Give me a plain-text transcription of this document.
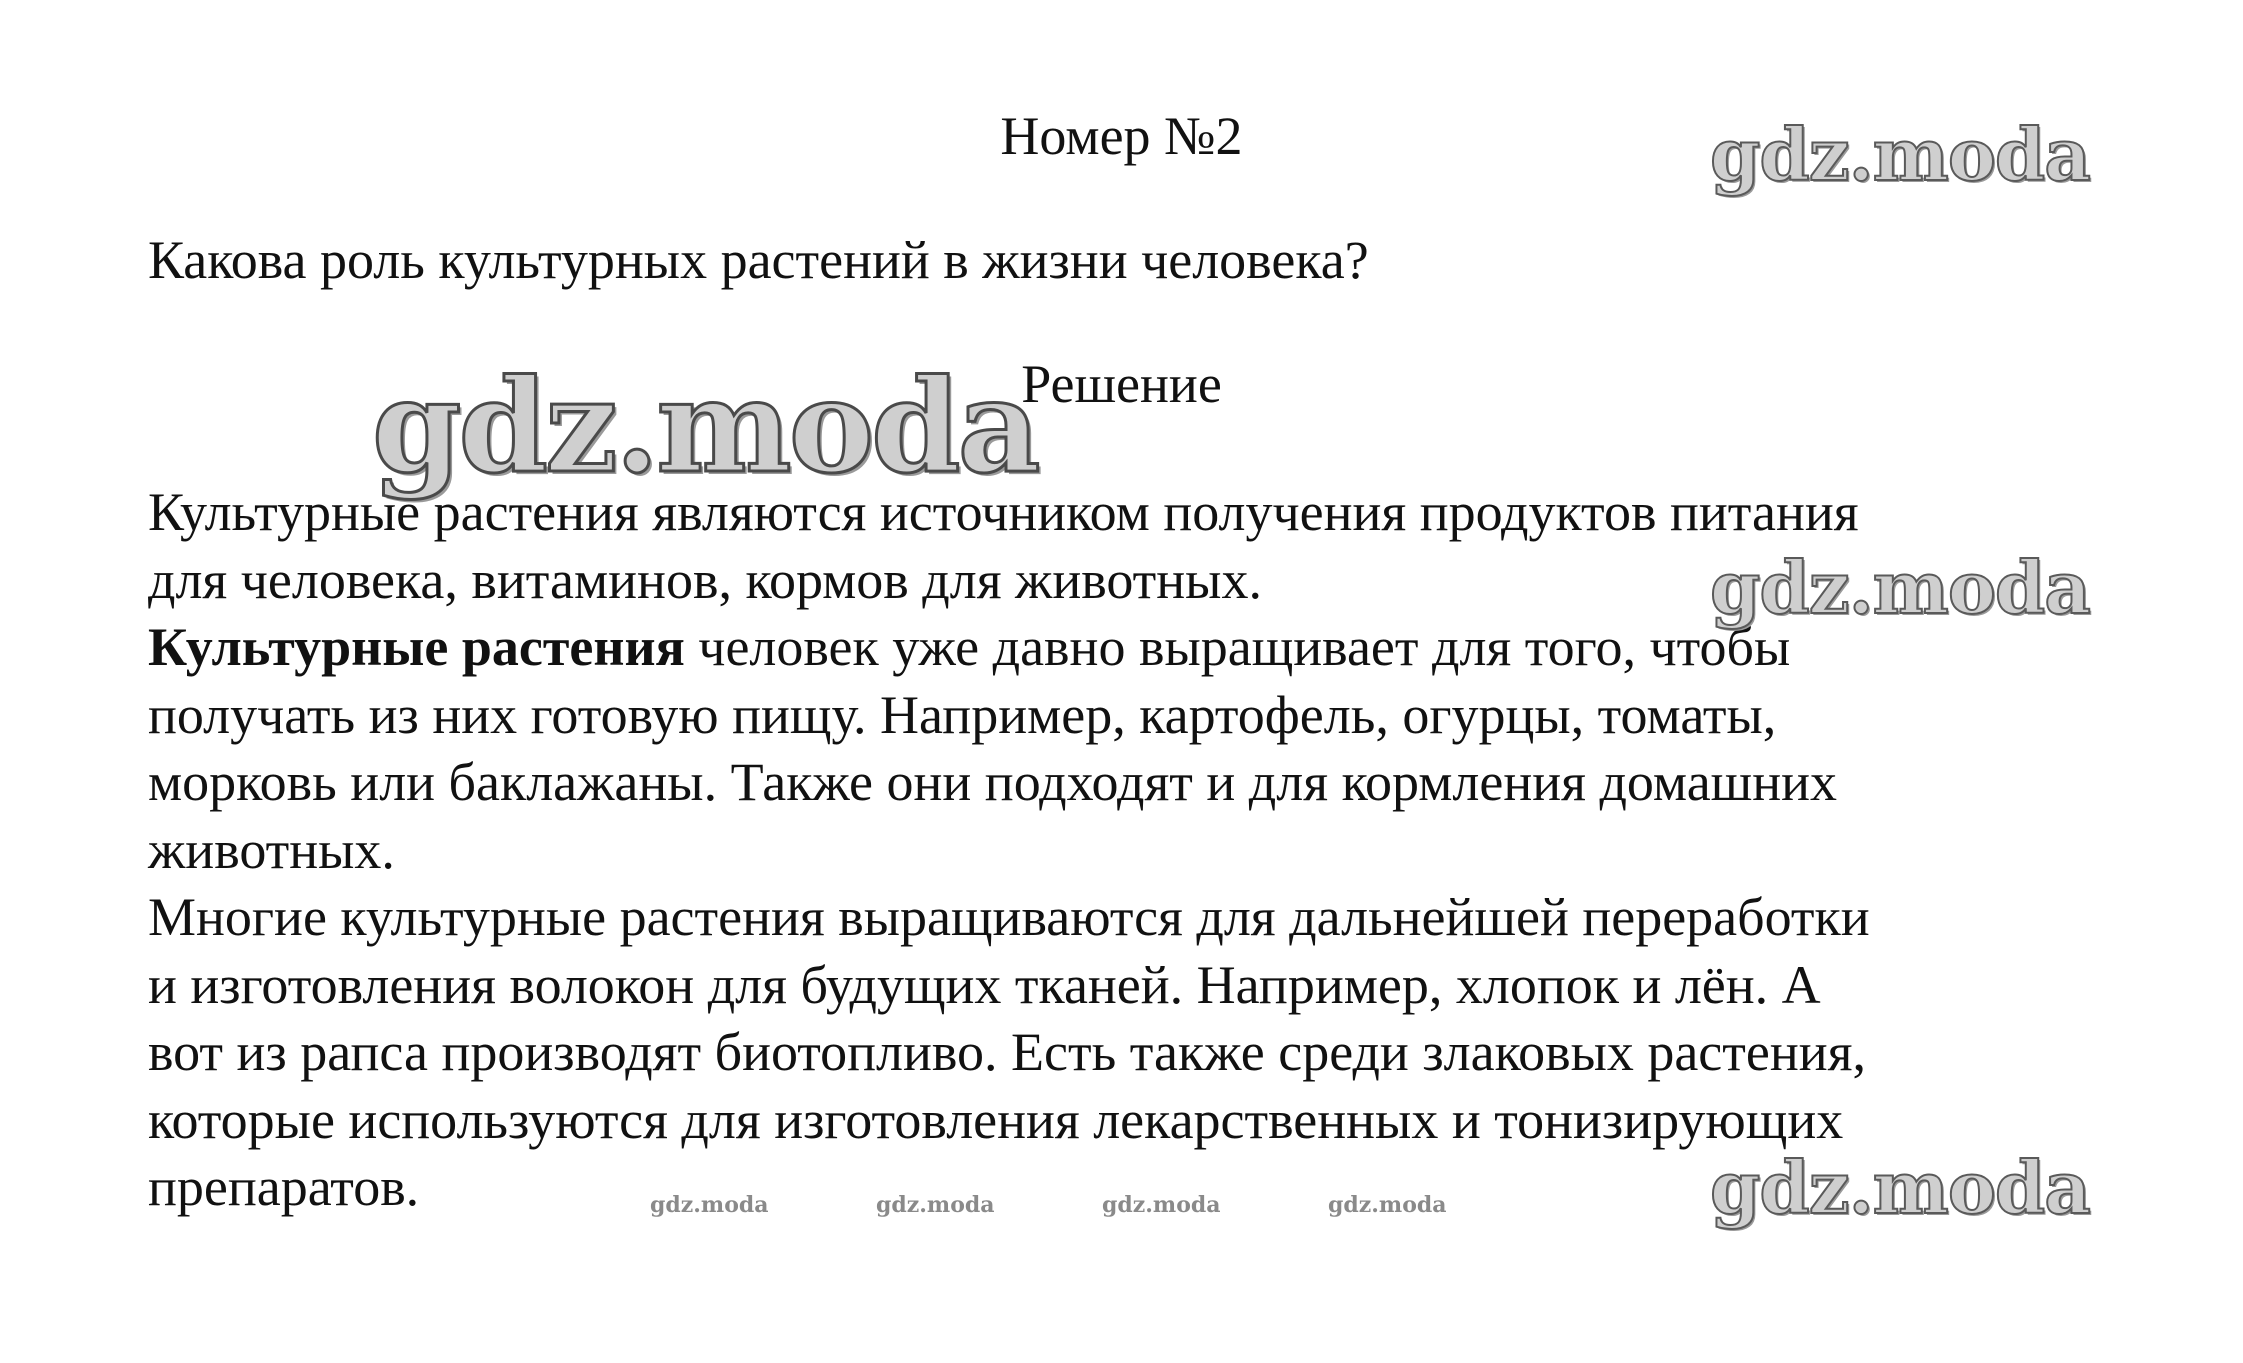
Номер №2	gdz.moda

Какова роль культурных растений в жизни человека?

gdz.moda
Решение
Культурные растения являются источником получения продуктов питания
для человека, витаминов, кормов для животных.
Культурные растения человек уже давно выращивает для того, чтобы
получать из них готовую пищу. Например, картофель, огурцы, томаты,
морковь или баклажаны. Также они подходят и для кормления домашних
животных.
Многие культурные растения выращиваются для дальнейшей переработки
и изготовления волокон для будущих тканей. Например, хлопок и лён. А
вот из рапса производят биотопливо. Есть также среди злаковых растения,
которые используются для изготовления лекарственных и тонизирующих
препаратов.
gdz.moda
gdz.moda
gdz.moda	gdz.moda	gdz.moda	gdz.moda
